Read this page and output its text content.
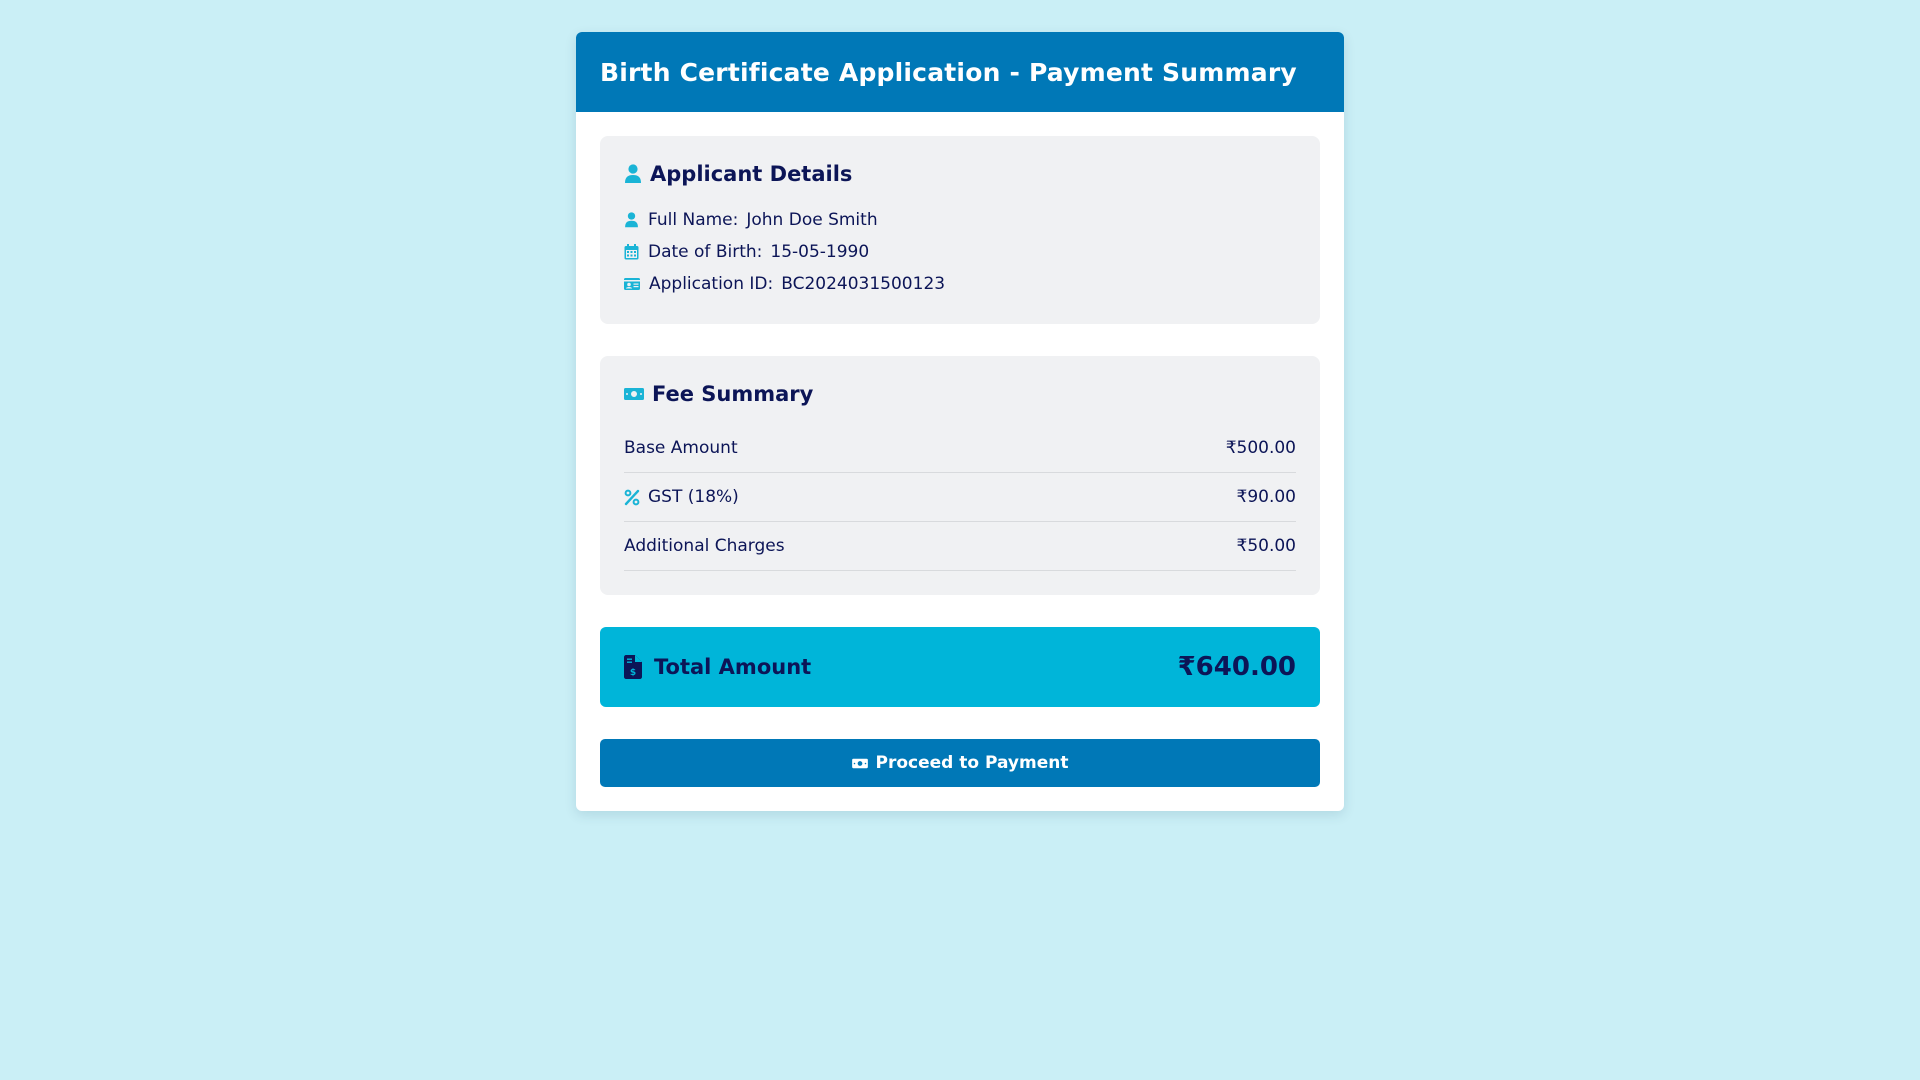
Birth Certificate Application - Payment Summary
Applicant Details
Full Name: John Doe Smith
Date of Birth: 15-05-1990
Application ID: BC2024031500123
Fee Summary
Base Amount	₹500.00
GST (18%)	₹90.00
Additional Charges	₹50.00
$ Total Amount	₹640.00
Proceed to Payment
